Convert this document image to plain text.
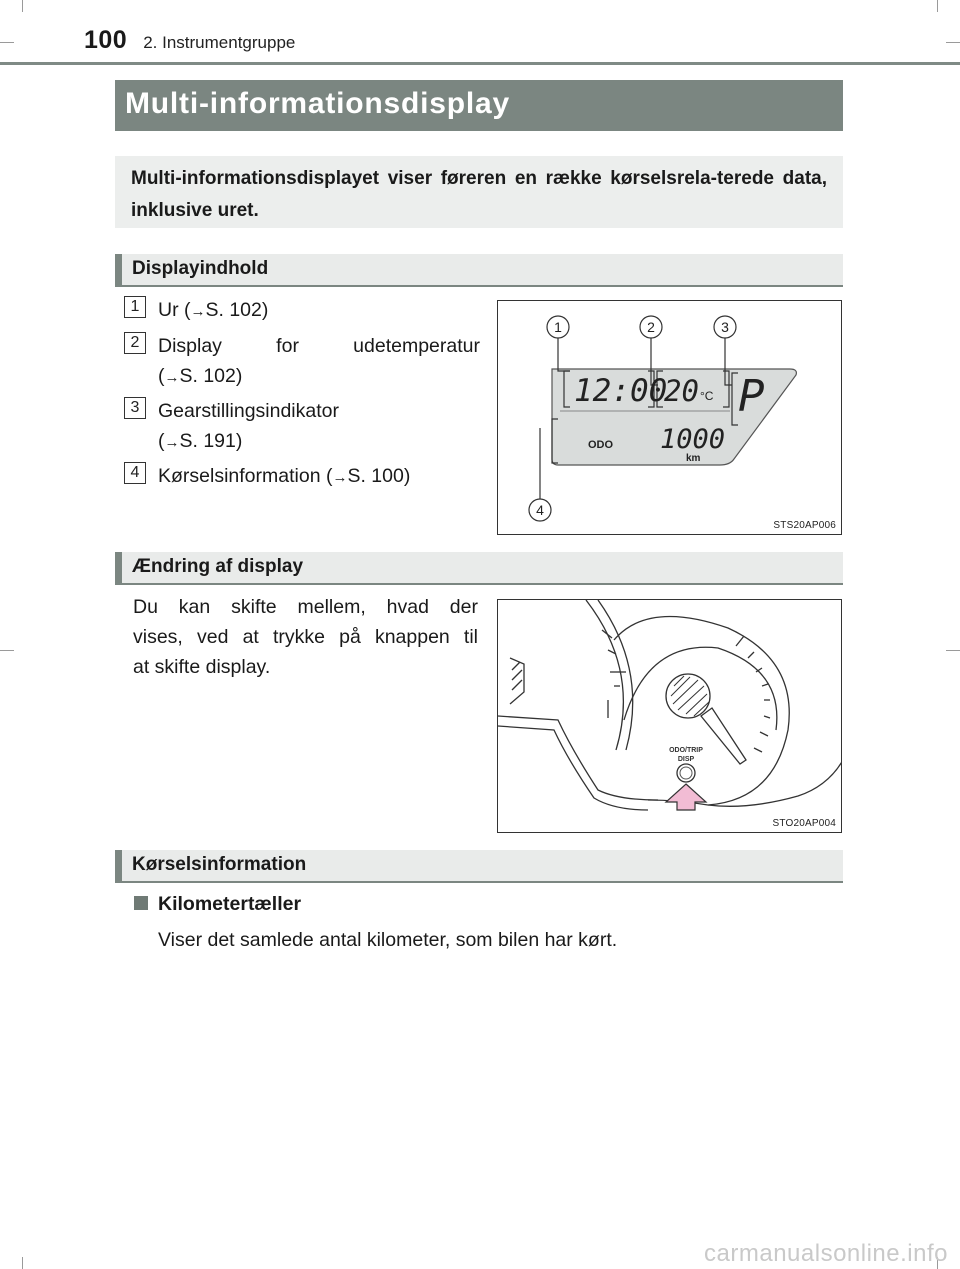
100 2. Instrumentgruppe
Multi-informationsdisplay
Multi-informationsdisplayet viser føreren en række kørselsrela-terede data, inklusive uret.
Displayindhold
1 Ur (→S. 102)
2 Display for udetemperatur
(→S. 102)
3 Gearstillingsindikator
(→S. 191)
4 Kørselsinformation (→S. 100)
1	2	3
4
12:00
20 °C P
ODO 1000
km
STS20AP006
Ændring af display
Du kan skifte mellem, hvad der
vises, ved at trykke på knappen til
at skifte display.
ODO/TRIP
DISP
STO20AP004
Kørselsinformation
Kilometertæller
Viser det samlede antal kilometer, som bilen har kørt.
carmanualsonline.info
